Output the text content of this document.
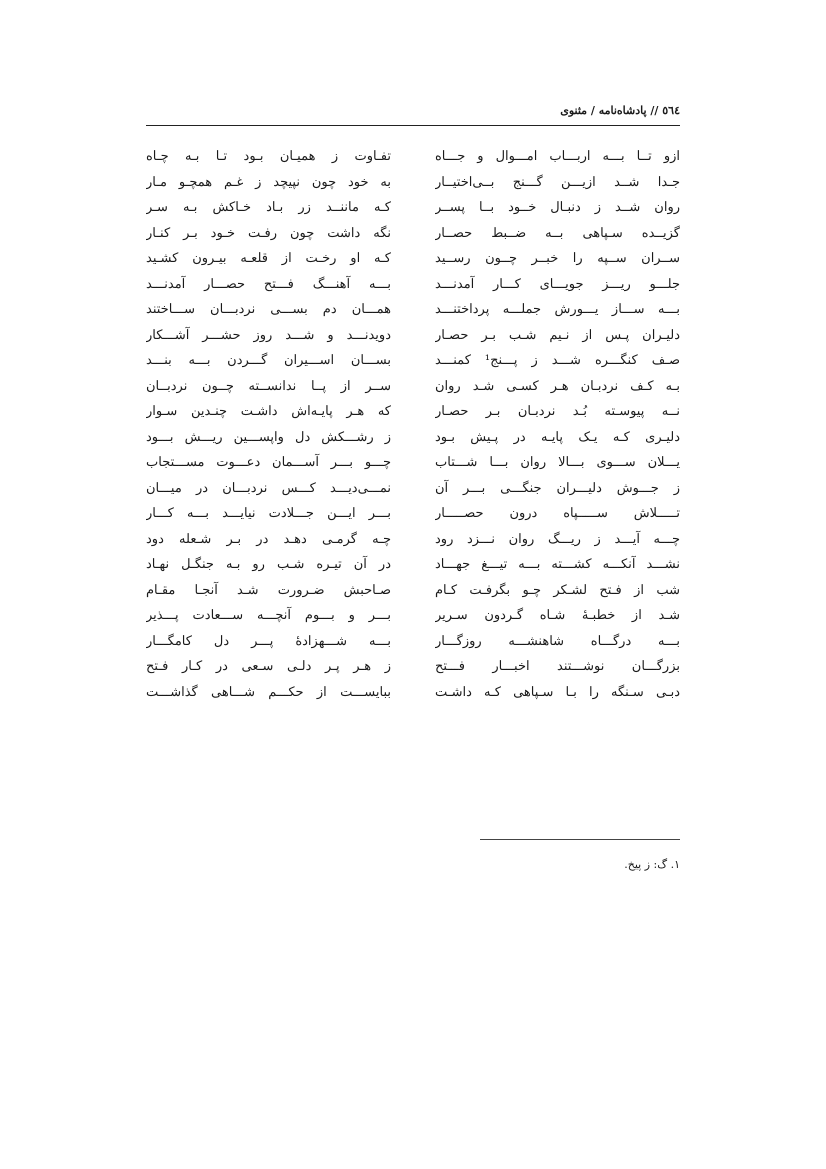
٥٦٤ // پادشاه‌نامه / مثنوی
ازو تــا بـــه اربـــاب امـــوال و جـــاه
تفـاوت ز همیـان بـود تـا بـه چـاه
جـدا شــد ازیـــن گـــنج بــی‌اختیــار
به خود چون نپیچد ز غـم همچـو مـار
روان شــد ز دنبـال خــود بــا پســر
کـه ماننــد زر بـاد خـاکش بـه سـر
گزیــده سـپاهی بــه ضــبط حصــار
نگه داشت چون رفـت خـود بـر کنـار
ســران ســپه را خبــر چــون رســید
کـه او رخـت از قلعـه بیـرون کشـید
جلـــو ریـــز جویـــای کـــار آمدنـــد
بـــه آهنـــگ فـــتح حصـــار آمدنـــد
بـــه ســـاز یـــورش جملـــه پرداختنـــد
همـــان دم بســـی نردبـــان ســـاختند
دلیـران پـس از نـیم شـب بـر حصـار
دویدنـــد و شـــد روز حشـــر آشـــکار
صـف کنگـــره شـــد ز پـــنج¹ کمنـــد
بســـان اســـیران گـــردن بـــه بنـــد
بـه کـف نردبـان هـر کسـی شـد روان
ســر از پــا ندانســته چــون نردبــان
نــه پیوسـته بُـد نردبـان بـر حصـار
که هـر پایـه‌اش داشـت چنـدین سـوار
دلیـری کـه یـک پایـه در پـیش بـود
ز رشـــکش دل واپســـین ریـــش بـــود
یـــلان ســـوی بـــالا روان بـــا شـــتاب
چـــو بـــر آســـمان دعـــوت مســـتجاب
ز جـــوش دلیـــران جنگـــی بـــر آن
نمـــی‌دیـــد کـــس نردبـــان در میـــان
تـــــلاش ســـــپاه درون حصـــــار
بـــر ایـــن جـــلادت نیایـــد بـــه کـــار
چـــه آیـــد ز ریـــگ روان نـــزد رود
چـه گرمـی دهـد در بـر شـعله دود
نشـــد آنکـــه کشـــته بـــه تیـــغ جهـــاد
در آن تیـره شـب رو بـه جنگـل نهـاد
شب از فـتح لشـکر چـو بگرفـت کـام
صـاحبش ضـرورت شـد آنجـا مقـام
شـد از خطبـهٔ شـاه گـردون سـریر
بـــر و بـــوم آنچـــه ســـعادت پـــذیر
بـــه درگـــاه شاهنشـــه روزگـــار
بـــه شـــهزادهٔ پـــر دل کامگـــار
بزرگـــان نوشـــتند اخبـــار فـــتح
ز هـر پـر دلـی سـعی در کـار فـتح
دبـی سـنگه را بـا سـپاهی کـه داشـت
ببایســـت از حکـــم شـــاهی گذاشـــت
١. گ: ز پیخ.
